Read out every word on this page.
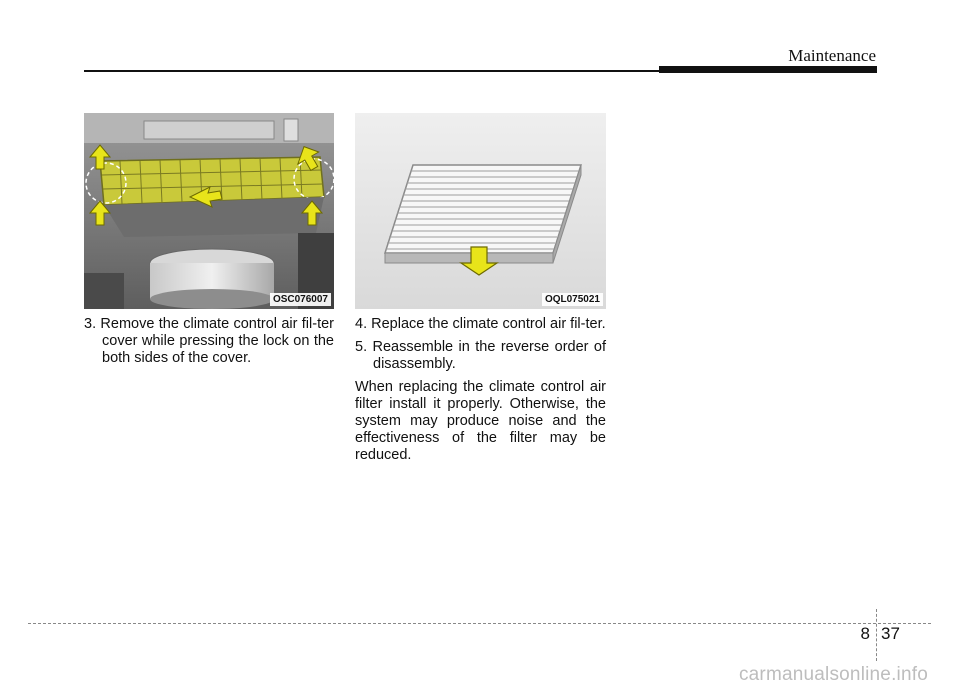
Maintenance
OSC076007	OQL075021

3. Remove the climate control air fil-ter cover while pressing the lock on the both sides of the cover.

4. Replace the climate control air fil-ter.

5. Reassemble in the reverse order of disassembly.

When replacing the climate control air filter install it properly. Otherwise, the system may produce noise and the effectiveness of the filter may be reduced.

8 37
carmanualsonline.info
